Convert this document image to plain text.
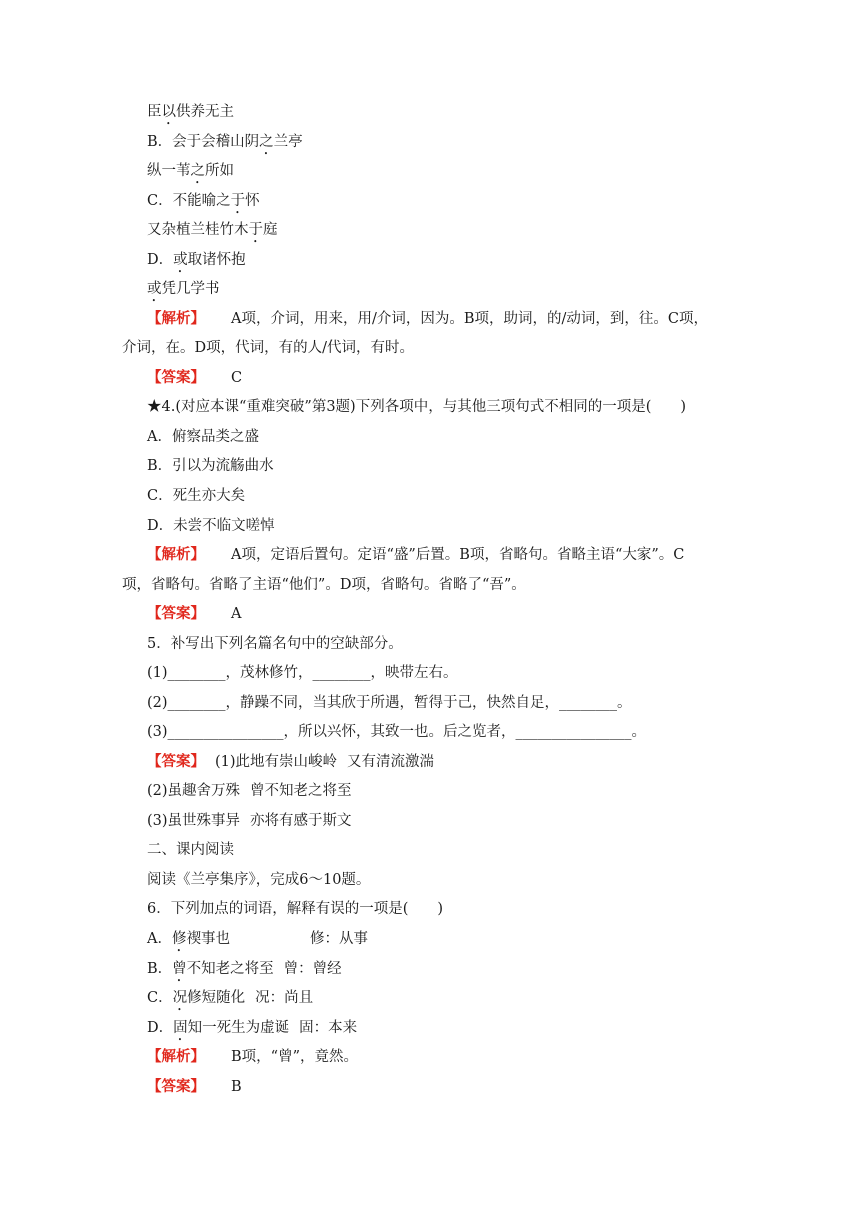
臣以供养无主
B．会于会稽山阴之兰亭
纵一苇之所如
C．不能喻之于怀
又杂植兰桂竹木于庭
D．或取诸怀抱
或凭几学书
【解析】 A项，介词，用来，用/介词，因为。B项，助词，的/动词，到，往。C项，
介词，在。D项，代词，有的人/代词，有时。
【答案】 C
★4.(对应本课“重难突破”第3题)下列各项中，与其他三项句式不相同的一项是(　　)
A．俯察品类之盛
B．引以为流觞曲水
C．死生亦大矣
D．未尝不临文嗟悼
【解析】 A项，定语后置句。定语“盛”后置。B项，省略句。省略主语“大家”。C
项，省略句。省略了主语“他们”。D项，省略句。省略了“吾”。
【答案】 A
5．补写出下列名篇名句中的空缺部分。
(1)________，茂林修竹，________，映带左右。
(2)________，静躁不同，当其欣于所遇，暂得于己，快然自足，________。
(3)________________，所以兴怀，其致一也。后之览者，________________。
【答案】 (1)此地有崇山峻岭 又有清流激湍
(2)虽趣舍万殊 曾不知老之将至
(3)虽世殊事异 亦将有感于斯文
二、课内阅读
阅读《兰亭集序》，完成6～10题。
6．下列加点的词语，解释有误的一项是(　　)
A．修禊事也	修：从事
B．曾不知老之将至 曾：曾经
C．况修短随化 况：尚且
D．固知一死生为虚诞 固：本来
【解析】 B项，“曾”，竟然。
【答案】 B
